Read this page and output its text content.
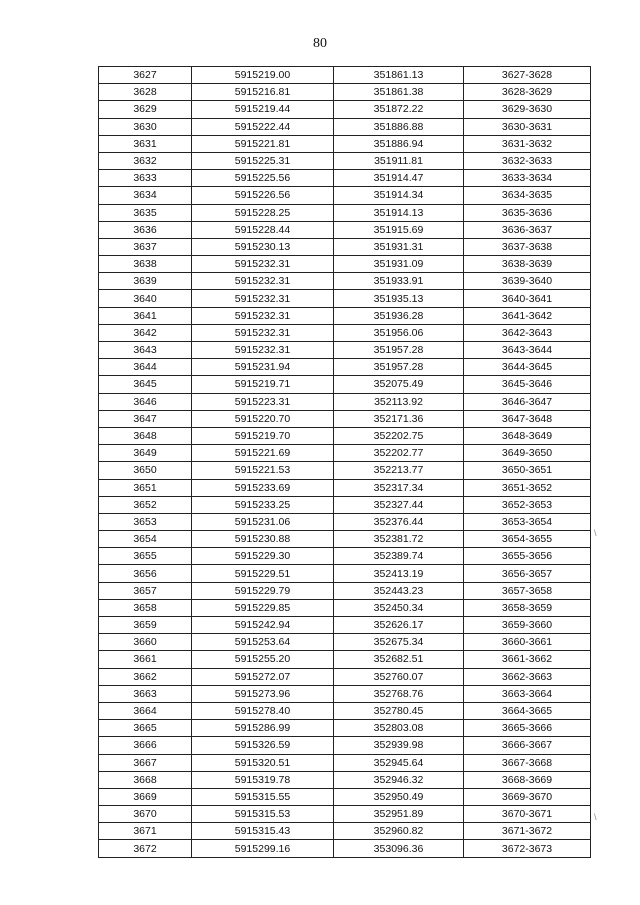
80
3627	5915219.00	351861.13	3627-3628
3628	5915216.81	351861.38	3628-3629
3629	5915219.44	351872.22	3629-3630
3630	5915222.44	351886.88	3630-3631
3631	5915221.81	351886.94	3631-3632
3632	5915225.31	351911.81	3632-3633
3633	5915225.56	351914.47	3633-3634
3634	5915226.56	351914.34	3634-3635
3635	5915228.25	351914.13	3635-3636
3636	5915228.44	351915.69	3636-3637
3637	5915230.13	351931.31	3637-3638
3638	5915232.31	351931.09	3638-3639
3639	5915232.31	351933.91	3639-3640
3640	5915232.31	351935.13	3640-3641
3641	5915232.31	351936.28	3641-3642
3642	5915232.31	351956.06	3642-3643
3643	5915232.31	351957.28	3643-3644
3644	5915231.94	351957.28	3644-3645
3645	5915219.71	352075.49	3645-3646
3646	5915223.31	352113.92	3646-3647
3647	5915220.70	352171.36	3647-3648
3648	5915219.70	352202.75	3648-3649
3649	5915221.69	352202.77	3649-3650
3650	5915221.53	352213.77	3650-3651
3651	5915233.69	352317.34	3651-3652
3652	5915233.25	352327.44	3652-3653
3653	5915231.06	352376.44	3653-3654
3654	5915230.88	352381.72	3654-3655
3655	5915229.30	352389.74	3655-3656
3656	5915229.51	352413.19	3656-3657
3657	5915229.79	352443.23	3657-3658
3658	5915229.85	352450.34	3658-3659
3659	5915242.94	352626.17	3659-3660
3660	5915253.64	352675.34	3660-3661
3661	5915255.20	352682.51	3661-3662
3662	5915272.07	352760.07	3662-3663
3663	5915273.96	352768.76	3663-3664
3664	5915278.40	352780.45	3664-3665
3665	5915286.99	352803.08	3665-3666
3666	5915326.59	352939.98	3666-3667
3667	5915320.51	352945.64	3667-3668
3668	5915319.78	352946.32	3668-3669
3669	5915315.55	352950.49	3669-3670
3670	5915315.53	352951.89	3670-3671
3671	5915315.43	352960.82	3671-3672
3672	5915299.16	353096.36	3672-3673
\
\
